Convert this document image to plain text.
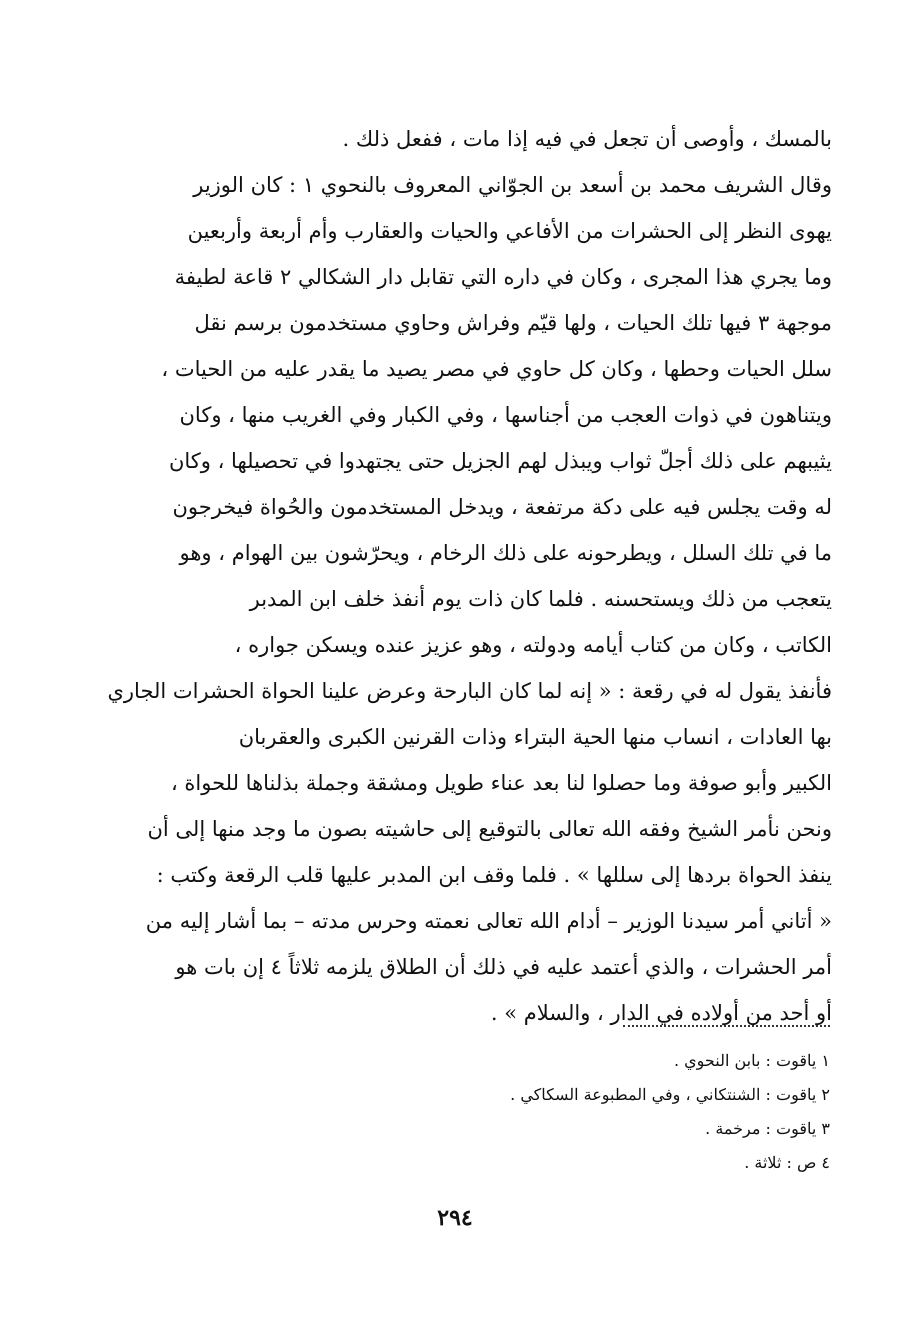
بالمسك ، وأوصى أن تجعل في فيه إذا مات ، ففعل ذلك .
وقال الشريف محمد بن أسعد بن الجوّاني المعروف بالنحوي ١ : كان الوزير
يهوى النظر إلى الحشرات من الأفاعي والحيات والعقارب وأم أربعة وأربعين
وما يجري هذا المجرى ، وكان في داره التي تقابل دار الشكالي ٢ قاعة لطيفة
موجهة ٣ فيها تلك الحيات ، ولها قيّم وفراش وحاوي مستخدمون برسم نقل
سلل الحيات وحطها ، وكان كل حاوي في مصر يصيد ما يقدر عليه من الحيات ،
ويتناهون في ذوات العجب من أجناسها ، وفي الكبار وفي الغريب منها ، وكان
يثيبهم على ذلك أجلّ ثواب ويبذل لهم الجزيل حتى يجتهدوا في تحصيلها ، وكان
له وقت يجلس فيه على دكة مرتفعة ، ويدخل المستخدمون والحُواة فيخرجون
ما في تلك السلل ، ويطرحونه على ذلك الرخام ، ويحرّشون بين الهوام ، وهو
يتعجب من ذلك ويستحسنه . فلما كان ذات يوم أنفذ خلف ابن المدبر
الكاتب ، وكان من كتاب أيامه ودولته ، وهو عزيز عنده ويسكن جواره ،
فأنفذ يقول له في رقعة : « إنه لما كان البارحة وعرض علينا الحواة الحشرات الجاري
بها العادات ، انساب منها الحية البتراء وذات القرنين الكبرى والعقربان
الكبير وأبو صوفة وما حصلوا لنا بعد عناء طويل ومشقة وجملة بذلناها للحواة ،
ونحن نأمر الشيخ وفقه الله تعالى بالتوقيع إلى حاشيته بصون ما وجد منها إلى أن
ينفذ الحواة بردها إلى سللها » . فلما وقف ابن المدبر عليها قلب الرقعة وكتب :
« أتاني أمر سيدنا الوزير – أدام الله تعالى نعمته وحرس مدته – بما أشار إليه من
أمر الحشرات ، والذي أعتمد عليه في ذلك أن الطلاق يلزمه ثلاثاً ٤ إن بات هو
أو أحد من أولاده في الدار ، والسلام » .
١ ياقوت : بابن النحوي .
٢ ياقوت : الشنتكاني ، وفي المطبوعة السكاكي .
٣ ياقوت : مرخمة .
٤ ص : ثلاثة .
٢٩٤
